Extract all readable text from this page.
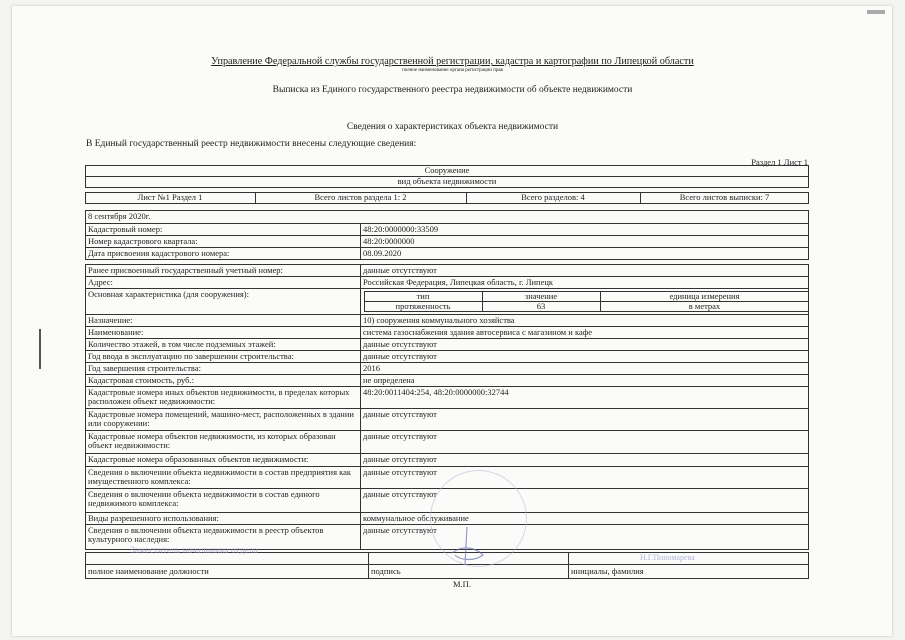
Управление Федеральной службы государственной регистрации, кадастра и картографии по Липецкой области
полное наименование органа регистрации прав
Выписка из Единого государственного реестра недвижимости об объекте недвижимости
Сведения о характеристиках объекта недвижимости
В Единый государственный реестр недвижимости внесены следующие сведения:
Раздел 1 Лист 1
Сооружение
вид объекта недвижимости
Лист №1 Раздел 1	Всего листов раздела 1: 2	Всего разделов: 4	Всего листов выписки: 7
8 сентября 2020г.
Кадастровый номер:	48:20:0000000:33509
Номер кадастрового квартала:	48:20:0000000
Дата присвоения кадастрового номера:	08.09.2020
Ранее присвоенный государственный учетный номер:	данные отсутствуют
Адрес:	Российская Федерация, Липецкая область, г. Липецк
Основная характеристика (для сооружения):	тип	значение	единица измерения
протяженность	63	в метрах
Назначение:	10) сооружения коммунального хозяйства
Наименование:	система газоснабжения здания автосервиса с магазином и кафе
Количество этажей, в том числе подземных этажей:	данные отсутствуют
Год ввода в эксплуатацию по завершении строительства:	данные отсутствуют
Год завершения строительства:	2016
Кадастровая стоимость, руб.:	не определена
Кадастровые номера иных объектов недвижимости, в пределах которых расположен объект недвижимости:
48:20:0011404:254, 48:20:0000000:32744
Кадастровые номера помещений, машино-мест, расположенных в здании или сооружении:
данные отсутствуют
Кадастровые номера объектов недвижимости, из которых образован объект недвижимости:
данные отсутствуют
Кадастровые номера образованных объектов недвижимости:	данные отсутствуют
Сведения о включении объекта недвижимости в состав предприятия как имущественного комплекса:
данные отсутствуют
Сведения о включении объекта недвижимости в состав единого недвижимого комплекса:
данные отсутствуют
Виды разрешенного использования:	коммунальное обслуживание
Сведения о включении объекта недвижимости в реестр объектов культурного наследия:
данные отсутствуют
Заместитель начальника отдела
Н.Г.Пономарева
полное наименование должности	подпись	инициалы, фамилия
М.П.
